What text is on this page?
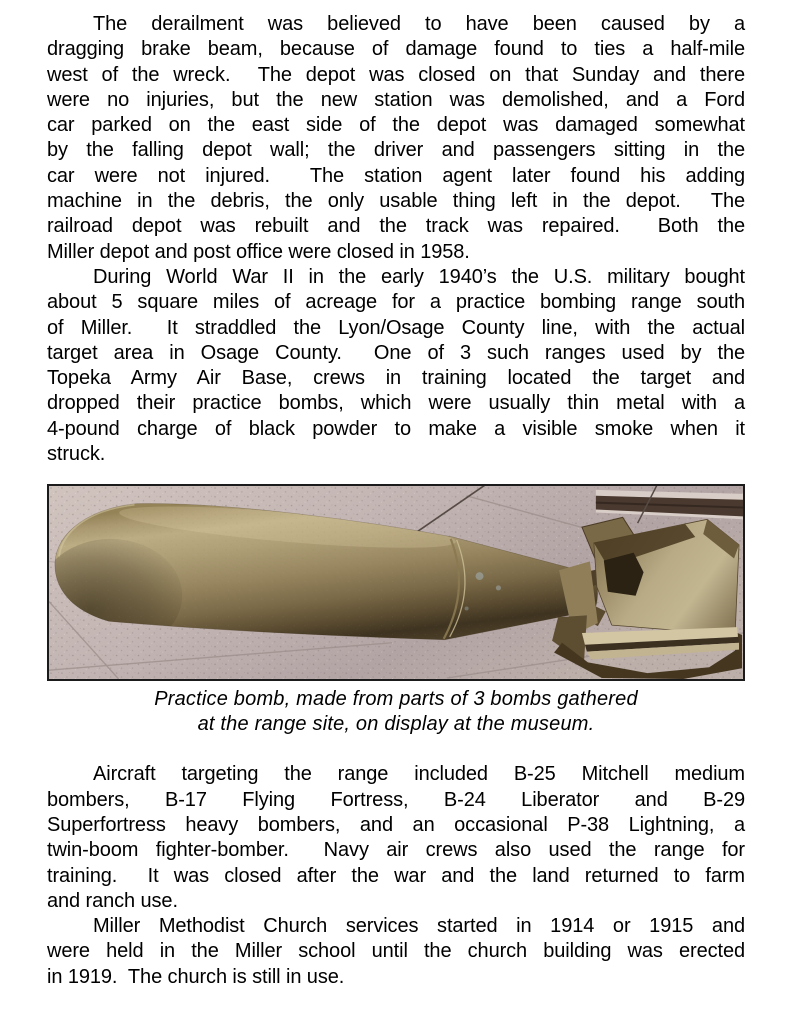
The derailment was believed to have been caused by a
dragging brake beam, because of damage found to ties a half-mile
west of the wreck.  The depot was closed on that Sunday and there
were no injuries, but the new station was demolished, and a Ford
car parked on the east side of the depot was damaged somewhat
by the falling depot wall; the driver and passengers sitting in the
car were not injured.  The station agent later found his adding
machine in the debris, the only usable thing left in the depot.  The
railroad depot was rebuilt and the track was repaired.  Both the
Miller depot and post office were closed in 1958.
During World War II in the early 1940’s the U.S. military bought
about 5 square miles of acreage for a practice bombing range south
of Miller.  It straddled the Lyon/Osage County line, with the actual
target area in Osage County.  One of 3 such ranges used by the
Topeka Army Air Base, crews in training located the target and
dropped their practice bombs, which were usually thin metal with a
4-pound charge of black powder to make a visible smoke when it
struck.
Practice bomb, made from parts of 3 bombs gathered
at the range site, on display at the museum.
Aircraft targeting the range included B-25 Mitchell medium
bombers, B-17 Flying Fortress, B-24 Liberator and B-29
Superfortress heavy bombers, and an occasional P-38 Lightning, a
twin-boom fighter-bomber.  Navy air crews also used the range for
training.  It was closed after the war and the land returned to farm
and ranch use.
Miller Methodist Church services started in 1914 or 1915 and
were held in the Miller school until the church building was erected
in 1919.  The church is still in use.
